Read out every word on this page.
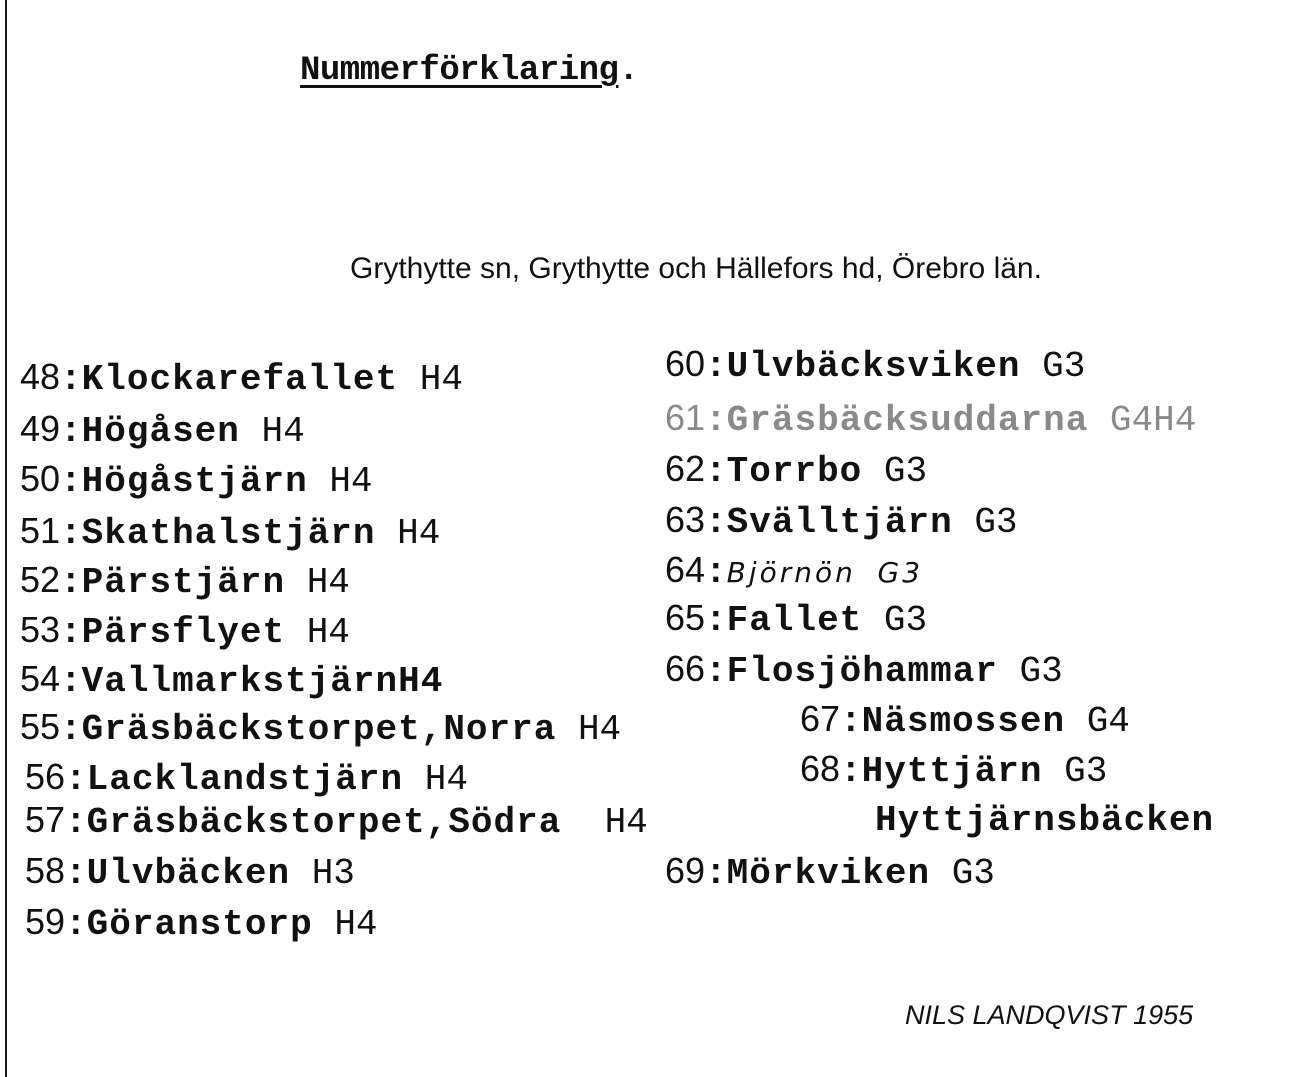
Nummerförklaring.
Grythytte sn, Grythytte och Hällefors hd, Örebro län.
48:Klockarefallet H4
49:Högåsen H4
50:Högåstjärn H4
51:Skathalstjärn H4
52:Pärstjärn H4
53:Pärsflyet H4
54:VallmarkstjärnH4
55:Gräsbäckstorpet,Norra H4
56:Lacklandstjärn H4
57:Gräsbäckstorpet,Södra H4
58:Ulvbäcken H3
59:Göranstorp H4
60:Ulvbäcksviken G3
61:Gräsbäcksuddarna G4H4
62:Torrbo G3
63:Svälltjärn G3
64:Björnön G3
65:Fallet G3
66:Flosjöhammar G3
67:Näsmossen G4
68:Hyttjärn G3
Hyttjärnsbäcken
69:Mörkviken G3
NILS LANDQVIST 1955
